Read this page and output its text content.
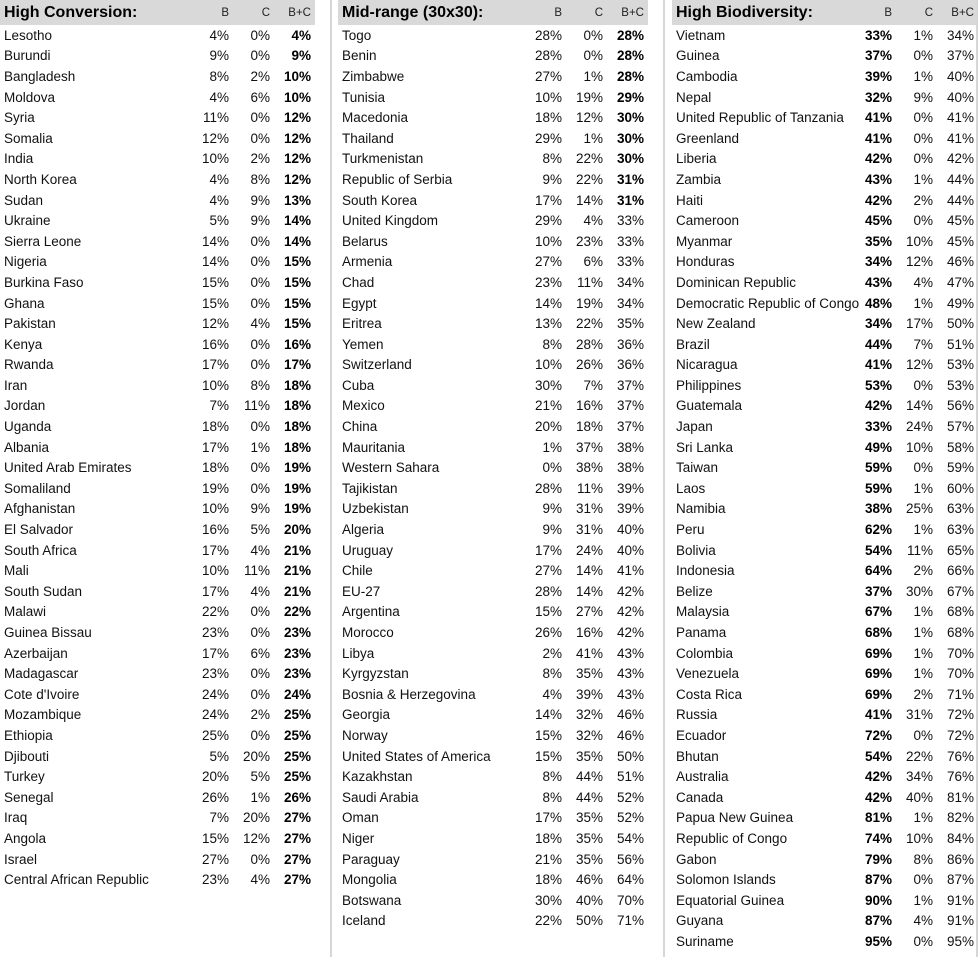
High Conversion:	B	C	B+C
Lesotho	4%	0%	4%
Burundi	9%	0%	9%
Bangladesh	8%	2%	10%
Moldova	4%	6%	10%
Syria	11%	0%	12%
Somalia	12%	0%	12%
India	10%	2%	12%
North Korea	4%	8%	12%
Sudan	4%	9%	13%
Ukraine	5%	9%	14%
Sierra Leone	14%	0%	14%
Nigeria	14%	0%	15%
Burkina Faso	15%	0%	15%
Ghana	15%	0%	15%
Pakistan	12%	4%	15%
Kenya	16%	0%	16%
Rwanda	17%	0%	17%
Iran	10%	8%	18%
Jordan	7%	11%	18%
Uganda	18%	0%	18%
Albania	17%	1%	18%
United Arab Emirates	18%	0%	19%
Somaliland	19%	0%	19%
Afghanistan	10%	9%	19%
El Salvador	16%	5%	20%
South Africa	17%	4%	21%
Mali	10%	11%	21%
South Sudan	17%	4%	21%
Malawi	22%	0%	22%
Guinea Bissau	23%	0%	23%
Azerbaijan	17%	6%	23%
Madagascar	23%	0%	23%
Cote d'Ivoire	24%	0%	24%
Mozambique	24%	2%	25%
Ethiopia	25%	0%	25%
Djibouti	5%	20%	25%
Turkey	20%	5%	25%
Senegal	26%	1%	26%
Iraq	7%	20%	27%
Angola	15%	12%	27%
Israel	27%	0%	27%
Central African Republic	23%	4%	27%
Mid-range (30x30):	B	C	B+C
Togo	28%	0%	28%
Benin	28%	0%	28%
Zimbabwe	27%	1%	28%
Tunisia	10%	19%	29%
Macedonia	18%	12%	30%
Thailand	29%	1%	30%
Turkmenistan	8%	22%	30%
Republic of Serbia	9%	22%	31%
South Korea	17%	14%	31%
United Kingdom	29%	4%	33%
Belarus	10%	23%	33%
Armenia	27%	6%	33%
Chad	23%	11%	34%
Egypt	14%	19%	34%
Eritrea	13%	22%	35%
Yemen	8%	28%	36%
Switzerland	10%	26%	36%
Cuba	30%	7%	37%
Mexico	21%	16%	37%
China	20%	18%	37%
Mauritania	1%	37%	38%
Western Sahara	0%	38%	38%
Tajikistan	28%	11%	39%
Uzbekistan	9%	31%	39%
Algeria	9%	31%	40%
Uruguay	17%	24%	40%
Chile	27%	14%	41%
EU-27	28%	14%	42%
Argentina	15%	27%	42%
Morocco	26%	16%	42%
Libya	2%	41%	43%
Kyrgyzstan	8%	35%	43%
Bosnia & Herzegovina	4%	39%	43%
Georgia	14%	32%	46%
Norway	15%	32%	46%
United States of America	15%	35%	50%
Kazakhstan	8%	44%	51%
Saudi Arabia	8%	44%	52%
Oman	17%	35%	52%
Niger	18%	35%	54%
Paraguay	21%	35%	56%
Mongolia	18%	46%	64%
Botswana	30%	40%	70%
Iceland	22%	50%	71%
High Biodiversity:	B	C	B+C
Vietnam	33%	1%	34%
Guinea	37%	0%	37%
Cambodia	39%	1%	40%
Nepal	32%	9%	40%
United Republic of Tanzania	41%	0%	41%
Greenland	41%	0%	41%
Liberia	42%	0%	42%
Zambia	43%	1%	44%
Haiti	42%	2%	44%
Cameroon	45%	0%	45%
Myanmar	35%	10%	45%
Honduras	34%	12%	46%
Dominican Republic	43%	4%	47%
Democratic Republic of Congo 48%	1%	49%
New Zealand	34%	17%	50%
Brazil	44%	7%	51%
Nicaragua	41%	12%	53%
Philippines	53%	0%	53%
Guatemala	42%	14%	56%
Japan	33%	24%	57%
Sri Lanka	49%	10%	58%
Taiwan	59%	0%	59%
Laos	59%	1%	60%
Namibia	38%	25%	63%
Peru	62%	1%	63%
Bolivia	54%	11%	65%
Indonesia	64%	2%	66%
Belize	37%	30%	67%
Malaysia	67%	1%	68%
Panama	68%	1%	68%
Colombia	69%	1%	70%
Venezuela	69%	1%	70%
Costa Rica	69%	2%	71%
Russia	41%	31%	72%
Ecuador	72%	0%	72%
Bhutan	54%	22%	76%
Australia	42%	34%	76%
Canada	42%	40%	81%
Papua New Guinea	81%	1%	82%
Republic of Congo	74%	10%	84%
Gabon	79%	8%	86%
Solomon Islands	87%	0%	87%
Equatorial Guinea	90%	1%	91%
Guyana	87%	4%	91%
Suriname	95%	0%	95%
